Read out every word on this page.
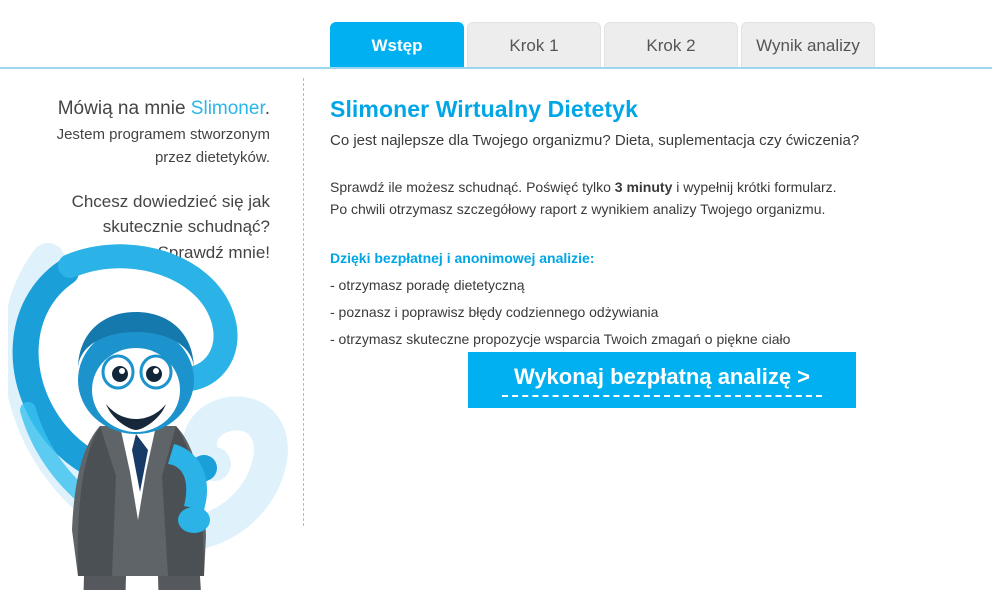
Wstęp	Krok 1	Krok 2	Wynik analizy
Mówią na mnie Slimoner.
Jestem programem stworzonym
przez dietetyków.
Chcesz dowiedzieć się jak
skutecznie schudnąć?
Sprawdź mnie!
Slimoner Wirtualny Dietetyk
Co jest najlepsze dla Twojego organizmu? Dieta, suplementacja czy ćwiczenia?

Sprawdź ile możesz schudnąć. Poświęć tylko 3 minuty i wypełnij krótki formularz.
Po chwili otrzymasz szczegółowy raport z wynikiem analizy Twojego organizmu.

Dzięki bezpłatnej i anonimowej analizie:
- otrzymasz poradę dietetyczną
- poznasz i poprawisz błędy codziennego odżywiania
- otrzymasz skuteczne propozycje wsparcia Twoich zmagań o piękne ciało
Wykonaj bezpłatną analizę >
